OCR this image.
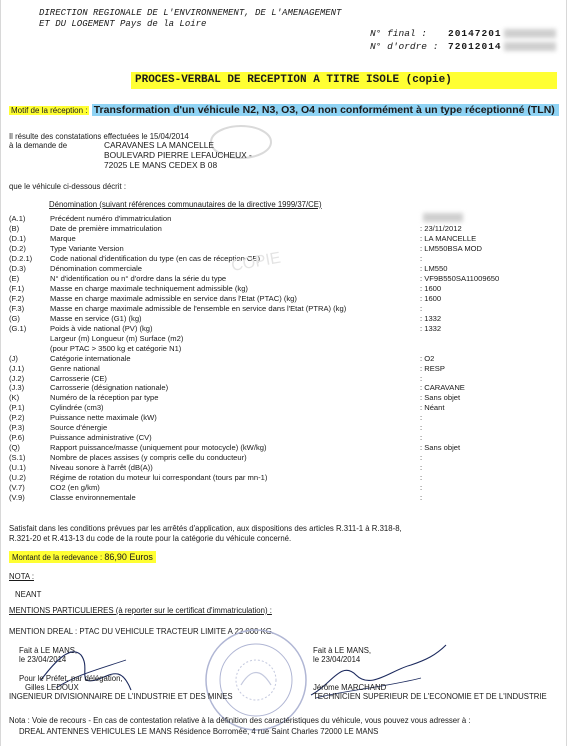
DIRECTION REGIONALE DE L'ENVIRONNEMENT, DE L'AMENAGEMENT
ET DU LOGEMENT Pays de la Loire
N° final : 20147201
N° d'ordre : 72012014
PROCES-VERBAL DE RECEPTION A TITRE ISOLE (copie)
Motif de la réception : Transformation d'un véhicule N2, N3, O3, O4 non conformément à un type réceptionné (TLN)
Il résulte des constatations effectuées le 15/04/2014
à la demande de	CARAVANES LA MANCELLE
BOULEVARD PIERRE LEFAUCHEUX -
72025 LE MANS CEDEX B 08
que le véhicule ci-dessous décrit :
Dénomination (suivant références communautaires de la directive 1999/37/CE)
(A.1)	Précédent numéro d'immatriculation
(B)	Date de première immatriculation	: 23/11/2012
(D.1)	Marque	: LA MANCELLE
(D.2)	Type Variante Version	: LM550BSA MOD
(D.2.1) Code national d'identification du type (en cas de réception CE)	:
(D.3)	Dénomination commerciale	: LM550
(E)	N° d'identification ou n° d'ordre dans la série du type	: VF9B550SA11009650
(F.1)	Masse en charge maximale techniquement admissible (kg)	: 1600
(F.2)	Masse en charge maximale admissible en service dans l'Etat (PTAC) (kg)	: 1600
(F.3)	Masse en charge maximale admissible de l'ensemble en service dans l'Etat (PTRA) (kg)	:
(G)	Masse en service (G1) (kg)	: 1332
(G.1)	Poids à vide national (PV) (kg)	: 1332
Largeur (m) Longueur (m) Surface (m2)
(pour PTAC > 3500 kg et catégorie N1)
(J)	Catégorie internationale	: O2
(J.1)	Genre national	: RESP
(J.2)	Carrosserie (CE)	:
(J.3)	Carrosserie (désignation nationale)	: CARAVANE
(K)	Numéro de la réception par type	: Sans objet
(P.1)	Cylindrée (cm3)	: Néant
(P.2)	Puissance nette maximale (kW)	:
(P.3)	Source d'énergie	:
(P.6)	Puissance administrative (CV)	:
(Q)	Rapport puissance/masse (uniquement pour motocycle) (kW/kg)	: Sans objet
(S.1)	Nombre de places assises (y compris celle du conducteur)	:
(U.1)	Niveau sonore à l'arrêt (dB(A))	:
(U.2)	Régime de rotation du moteur lui correspondant (tours par mn-1)	:
(V.7)	CO2 (en g/km)	:
(V.9)	Classe environnementale	:
COPIE
Satisfait dans les conditions prévues par les arrêtés d'application, aux dispositions des articles R.311-1 à R.318-8,
R.321-20 et R.413-13 du code de la route pour la catégorie du véhicule concerné.
Montant de la redevance : 86,90 Euros
NOTA :
NEANT
MENTIONS PARTICULIERES (à reporter sur le certificat d'immatriculation) :
MENTION DREAL : PTAC DU VEHICULE TRACTEUR LIMITE A 22 000 KG.
Fait à LE MANS,
le 23/04/2014
Pour le Préfet, par délégation,
Gilles LEDOUX
INGENIEUR DIVISIONNAIRE DE L'INDUSTRIE ET DES MINES
Fait à LE MANS,
le 23/04/2014
Jérôme MARCHAND
TECHNICIEN SUPERIEUR DE L'ECONOMIE ET DE L'INDUSTRIE
Nota : Voie de recours - En cas de contestation relative à la définition des caractéristiques du véhicule, vous pouvez vous adresser à :
DREAL ANTENNES VEHICULES LE MANS Résidence Borromée, 4 rue Saint Charles 72000 LE MANS
